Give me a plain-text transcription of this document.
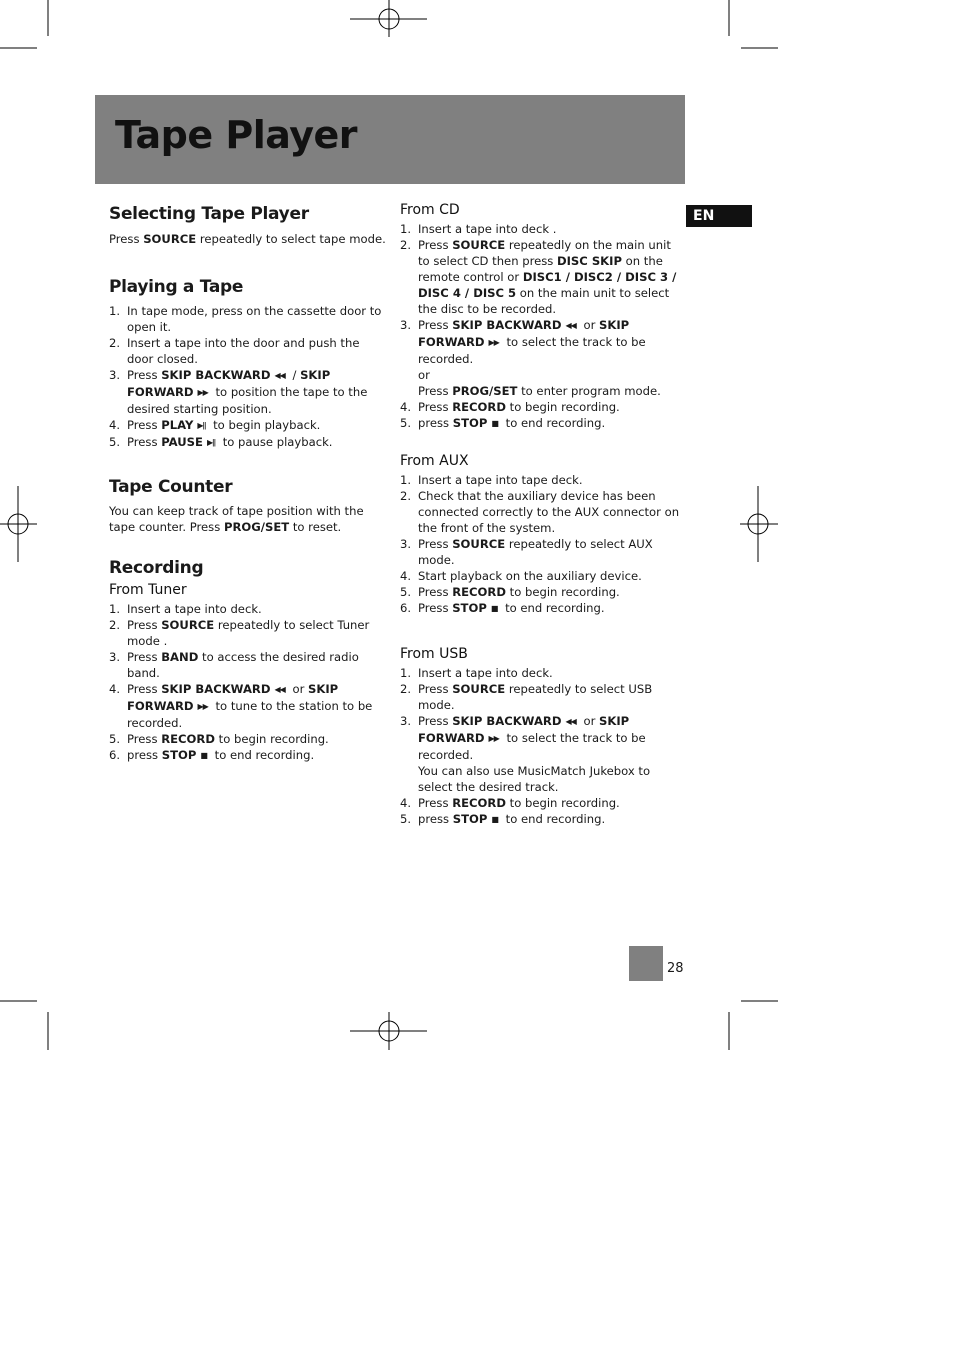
Tape Player
EN
Selecting Tape Player

Press SOURCE repeatedly to select tape mode.

Playing a Tape
1. In tape mode, press on the cassette door to open it.
2. Insert a tape into the door and push the door closed.
3. Press SKIP BACKWARD ◀◀ / SKIP FORWARD ▶▶ to position the tape to the desired starting position.
4. Press PLAY ▶ǁ to begin playback.
5. Press PAUSE ▶ǁ to pause playback.
Tape Counter

You can keep track of tape position with the tape counter. Press PROG/SET to reset.

Recording
From Tuner
1. Insert a tape into deck.
2. Press SOURCE repeatedly to select Tuner mode .
3. Press BAND to access the desired radio band.
4. Press SKIP BACKWARD ◀◀ or SKIP FORWARD ▶▶ to tune to the station to be recorded.
5. Press RECORD to begin recording.
6. press STOP ■ to end recording.
From CD
1. Insert a tape into deck .
2. Press SOURCE repeatedly on the main unit to select CD then press DISC SKIP on the remote control or DISC1 / DISC2 / DISC 3 / DISC 4 / DISC 5 on the main unit to select the disc to be recorded.
3. Press SKIP BACKWARD ◀◀ or SKIP FORWARD ▶▶ to select the track to be recorded.
or
Press PROG/SET to enter program mode.
4. Press RECORD to begin recording.
5. press STOP ■ to end recording.
From AUX
1. Insert a tape into tape deck.
2. Check that the auxiliary device has been connected correctly to the AUX connector on the front of the system.
3. Press SOURCE repeatedly to select AUX mode.
4. Start playback on the auxiliary device.
5. Press RECORD to begin recording.
6. Press STOP ■ to end recording.
From USB
1. Insert a tape into deck.
2. Press SOURCE repeatedly to select USB mode.
3. Press SKIP BACKWARD ◀◀ or SKIP FORWARD ▶▶ to select the track to be recorded.
You can also use MusicMatch Jukebox to select the desired track.
4. Press RECORD to begin recording.
5. press STOP ■ to end recording.
28
